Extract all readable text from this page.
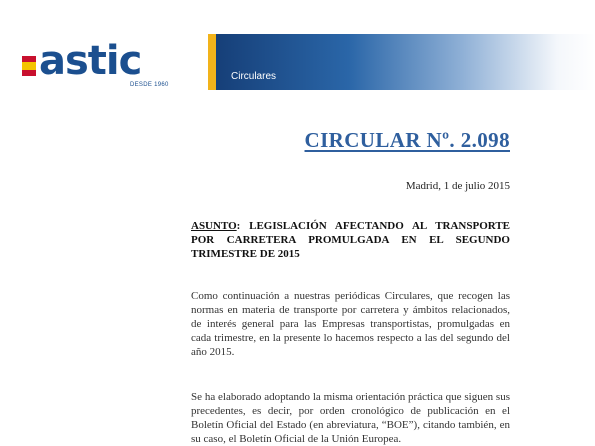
astic
DESDE 1960
Circulares
CIRCULAR Nº. 2.098
Madrid, 1 de julio 2015
ASUNTO: LEGISLACIÓN AFECTANDO AL TRANSPORTE POR CARRETERA PROMULGADA EN EL SEGUNDO TRIMESTRE DE 2015
Como continuación a nuestras periódicas Circulares, que recogen las normas en materia de transporte por carretera y ámbitos relacionados, de interés general para las Empresas transportistas, promulgadas en cada trimestre, en la presente lo hacemos respecto a las del segundo del año 2015.
Se ha elaborado adoptando la misma orientación práctica que siguen sus precedentes, es decir, por orden cronológico de publicación en el Boletín Oficial del Estado (en abreviatura, “BOE”), citando también, en su caso, el Boletín Oficial de la Unión Europea.
